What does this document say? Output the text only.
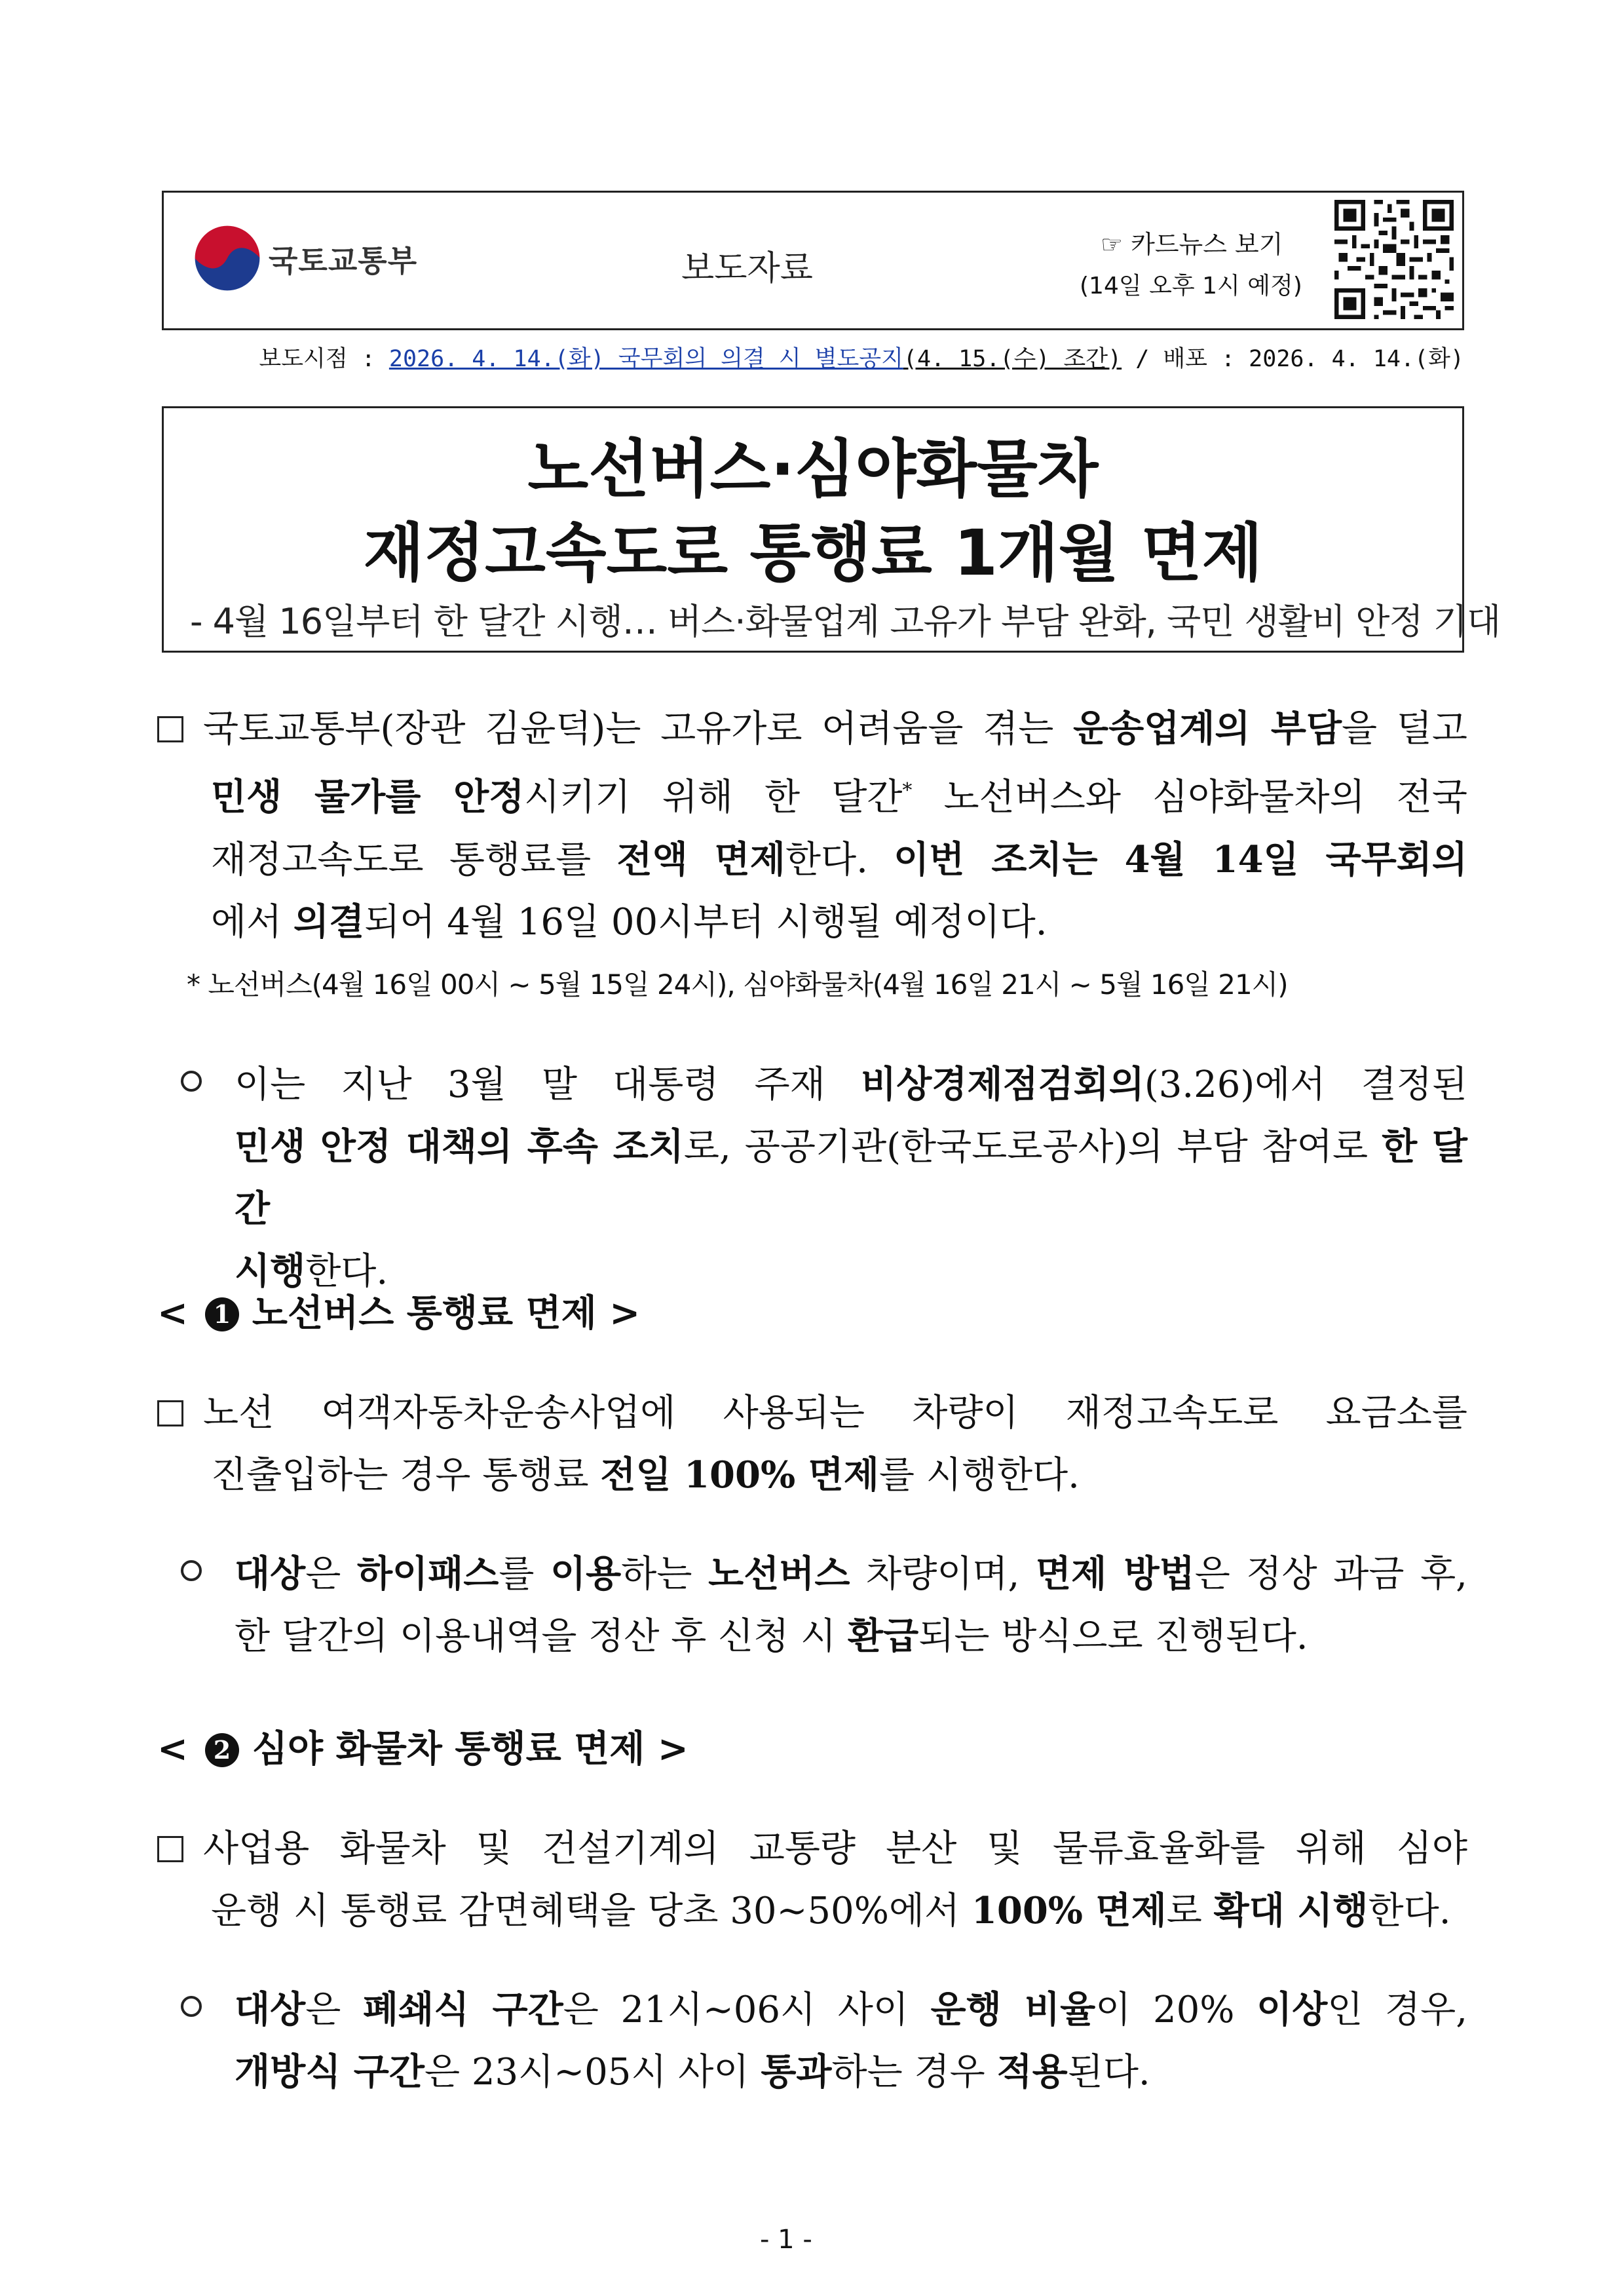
국토교통부	보도자료
☞ 카드뉴스 보기
(14일 오후 1시 예정)
보도시점 : 2026. 4. 14.(화) 국무회의 의결 시 별도공지(4. 15.(수) 조간) / 배포 : 2026. 4. 14.(화)
노선버스·심야화물차
재정고속도로 통행료 1개월 면제
- 4월 16일부터 한 달간 시행… 버스·화물업계 고유가 부담 완화, 국민 생활비 안정 기대
국토교통부(장관 김윤덕)는 고유가로 어려움을 겪는 운송업계의 부담을 덜고
민생 물가를 안정시키기 위해 한 달간* 노선버스와 심야화물차의 전국
재정고속도로 통행료를 전액 면제한다. 이번 조치는 4월 14일 국무회의
에서 의결되어 4월 16일 00시부터 시행될 예정이다.
* 노선버스(4월 16일 00시 ~ 5월 15일 24시), 심야화물차(4월 16일 21시 ~ 5월 16일 21시)
이는 지난 3월 말 대통령 주재 비상경제점검회의(3.26)에서 결정된
민생 안정 대책의 후속 조치로, 공공기관(한국도로공사)의 부담 참여로 한 달간
시행한다.
< 1 노선버스 통행료 면제 >
노선 여객자동차운송사업에 사용되는 차량이 재정고속도로 요금소를
진출입하는 경우 통행료 전일 100% 면제를 시행한다.
대상은 하이패스를 이용하는 노선버스 차량이며, 면제 방법은 정상 과금 후,
한 달간의 이용내역을 정산 후 신청 시 환급되는 방식으로 진행된다.
< 2 심야 화물차 통행료 면제 >
사업용 화물차 및 건설기계의 교통량 분산 및 물류효율화를 위해 심야
운행 시 통행료 감면혜택을 당초 30~50%에서 100% 면제로 확대 시행한다.
대상은 폐쇄식 구간은 21시~06시 사이 운행 비율이 20% 이상인 경우,
개방식 구간은 23시~05시 사이 통과하는 경우 적용된다.
- 1 -
